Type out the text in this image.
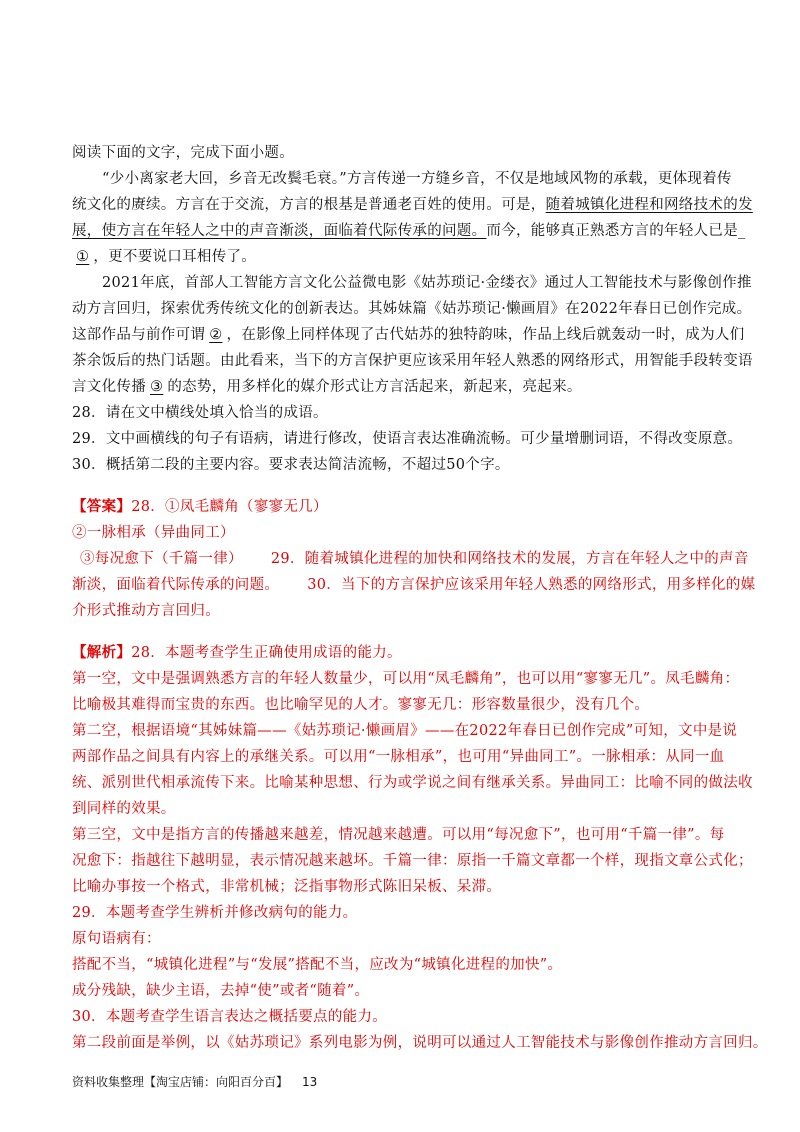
阅读下面的文字，完成下面小题。
“少小离家老大回，乡音无改鬓毛衰。”方言传递一方缝乡音，不仅是地域风物的承载，更体现着传
统文化的赓续。方言在于交流，方言的根基是普通老百姓的使用。可是，随着城镇化进程和网络技术的发
展，使方言在年轻人之中的声音渐淡，面临着代际传承的问题。而今，能够真正熟悉方言的年轻人已是_
① ，更不要说口耳相传了。
2021年底，首部人工智能方言文化公益微电影《姑苏琐记·金缕衣》通过人工智能技术与影像创作推
动方言回归，探索优秀传统文化的创新表达。其姊妹篇《姑苏琐记·懒画眉》在2022年春日已创作完成。
这部作品与前作可谓 ② ，在影像上同样体现了古代姑苏的独特韵味，作品上线后就轰动一时，成为人们
茶余饭后的热门话题。由此看来，当下的方言保护更应该采用年轻人熟悉的网络形式，用智能手段转变语
言文化传播 ③ 的态势，用多样化的媒介形式让方言活起来，新起来，亮起来。
28．请在文中横线处填入恰当的成语。
29．文中画横线的句子有语病，请进行修改，使语言表达准确流畅。可少量增删词语，不得改变原意。
30．概括第二段的主要内容。要求表达简洁流畅，不超过50个字。
【答案】28．①凤毛麟角（寥寥无几）
②一脉相承（异曲同工）
③每况愈下（千篇一律） 29．随着城镇化进程的加快和网络技术的发展，方言在年轻人之中的声音
渐淡，面临着代际传承的问题。 30．当下的方言保护应该采用年轻人熟悉的网络形式，用多样化的媒
介形式推动方言回归。
【解析】28．本题考查学生正确使用成语的能力。
第一空，文中是强调熟悉方言的年轻人数量少，可以用“凤毛麟角”，也可以用“寥寥无几”。凤毛麟角：
比喻极其难得而宝贵的东西。也比喻罕见的人才。寥寥无几：形容数量很少，没有几个。
第二空，根据语境“其姊妹篇——《姑苏琐记·懒画眉》——在2022年春日已创作完成”可知，文中是说
两部作品之间具有内容上的承继关系。可以用“一脉相承”，也可用“异曲同工”。一脉相承：从同一血
统、派别世代相承流传下来。比喻某种思想、行为或学说之间有继承关系。异曲同工：比喻不同的做法收
到同样的效果。
第三空，文中是指方言的传播越来越差，情况越来越遭。可以用“每况愈下”，也可用“千篇一律”。每
况愈下：指越往下越明显，表示情况越来越坏。千篇一律：原指一千篇文章都一个样，现指文章公式化；
比喻办事按一个格式，非常机械；泛指事物形式陈旧呆板、呆滞。
29．本题考查学生辨析并修改病句的能力。
原句语病有：
搭配不当，“城镇化进程”与“发展”搭配不当，应改为“城镇化进程的加快”。
成分残缺，缺少主语，去掉“使”或者“随着”。
30．本题考查学生语言表达之概括要点的能力。
第二段前面是举例，以《姑苏琐记》系列电影为例，说明可以通过人工智能技术与影像创作推动方言回归。
资料收集整理【淘宝店铺：向阳百分百】 13
